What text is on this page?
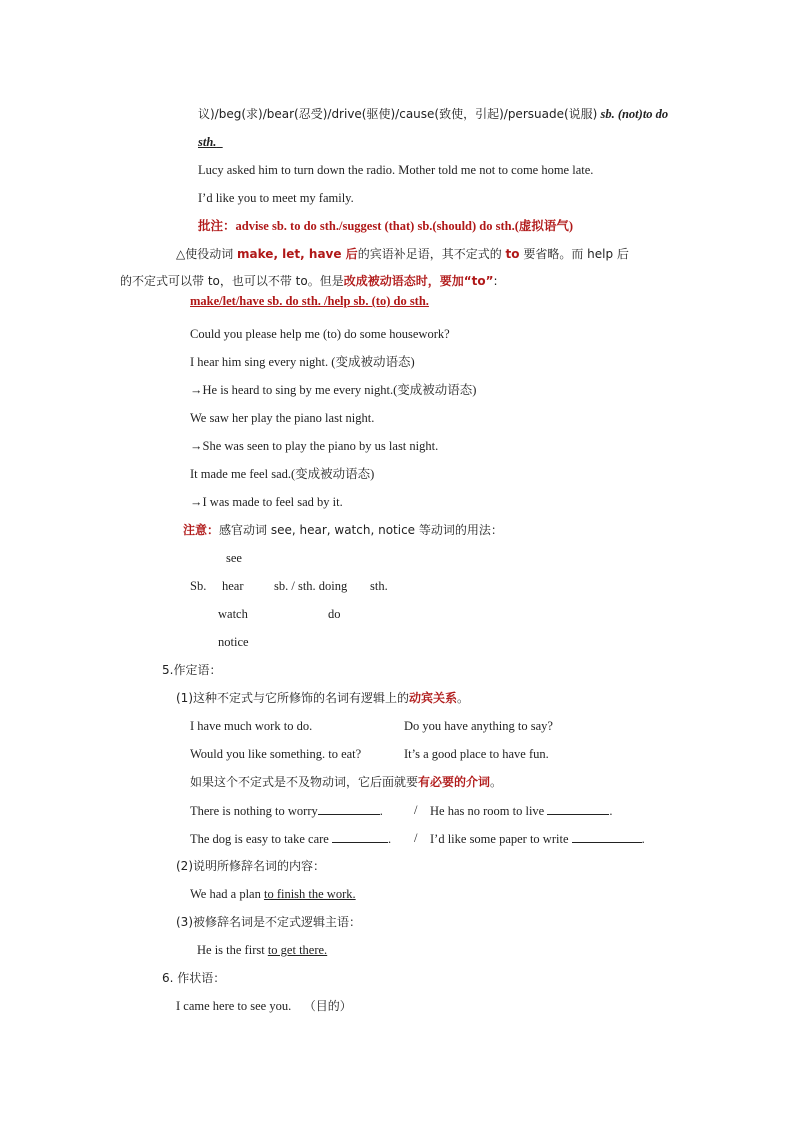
议)/beg(求)/bear(忍受)/drive(驱使)/cause(致使，引起)/persuade(说服) sb. (not)to do
sth.
Lucy asked him to turn down the radio. Mother told me not to come home late.
I’d like you to meet my family.
批注：advise sb. to do sth./suggest (that) sb.(should) do sth.(虚拟语气)
△使役动词 make, let, have 后的宾语补足语，其不定式的 to 要省略。而 help 后
的不定式可以带 to，也可以不带 to。但是改成被动语态时，要加“to”:
make/let/have sb. do sth. /help sb. (to) do sth.
Could you please help me (to) do some housework?
I hear him sing every night. (变成被动语态)
→He is heard to sing by me every night.(变成被动语态)
We saw her play the piano last night.
→She was seen to play the piano by us last night.
It made me feel sad.(变成被动语态)
→I was made to feel sad by it.
注意：感官动词 see, hear, watch, notice 等动词的用法：
see
Sb. hear sb. / sth. doing sth.
watch	do
notice
5.作定语：
(1)这种不定式与它所修饰的名词有逻辑上的动宾关系。
I have much work to do.	Do you have anything to say?
Would you like something. to eat?	It’s a good place to have fun.
如果这个不定式是不及物动词，它后面就要有必要的介词。
There is nothing to worry	. / He has no room to live	.
The dog is easy to take care	. / I’d like some paper to write	.
(2)说明所修辞名词的内容：
We had a plan to finish the work.
(3)被修辞名词是不定式逻辑主语：
He is the first to get there.
6. 作状语：
I came here to see you. （目的）
